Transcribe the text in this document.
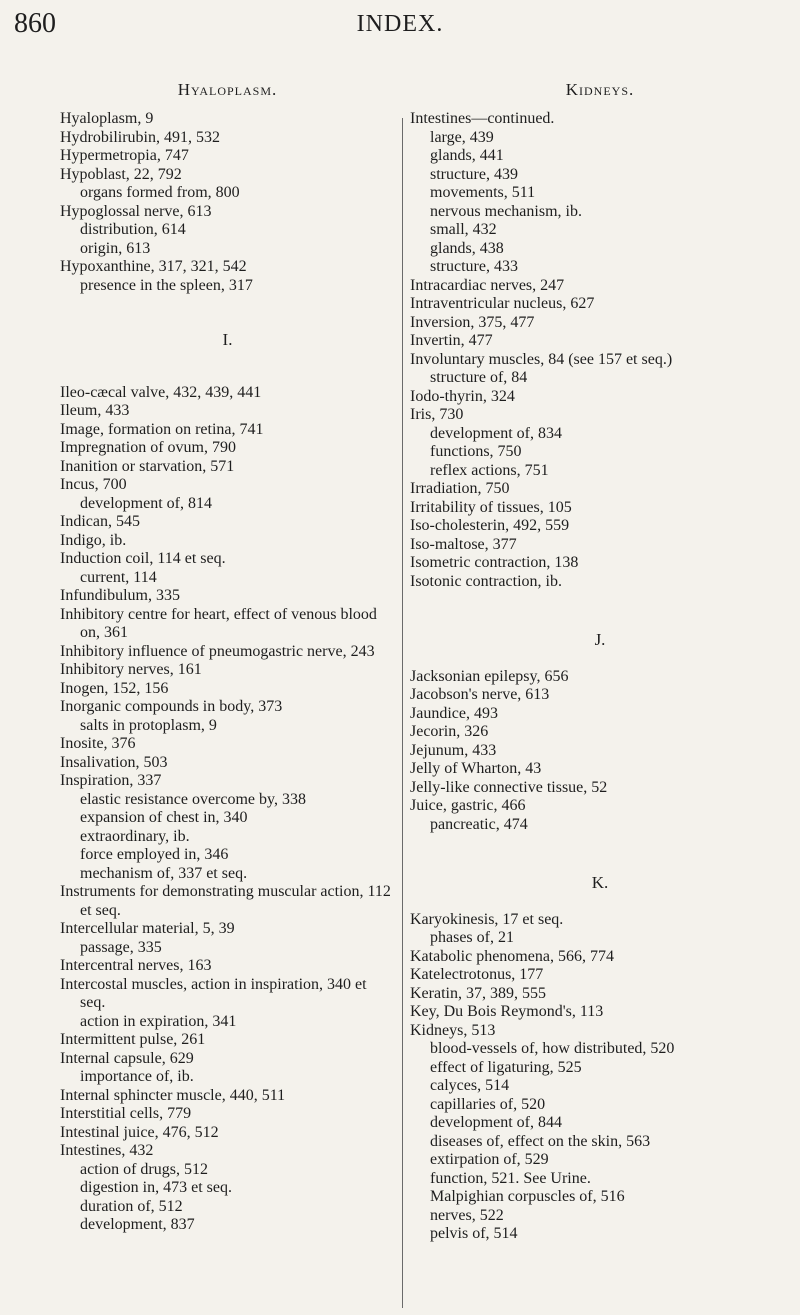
860	INDEX.
Hyaloplasm.
Hyaloplasm, 9
Hydrobilirubin, 491, 532
Hypermetropia, 747
Hypoblast, 22, 792
organs formed from, 800
Hypoglossal nerve, 613
distribution, 614
origin, 613
Hypoxanthine, 317, 321, 542
presence in the spleen, 317
I.
Ileo-cæcal valve, 432, 439, 441
Ileum, 433
Image, formation on retina, 741
Impregnation of ovum, 790
Inanition or starvation, 571
Incus, 700
development of, 814
Indican, 545
Indigo, ib.
Induction coil, 114 et seq.
current, 114
Infundibulum, 335
Inhibitory centre for heart, effect of venous blood on, 361
Inhibitory influence of pneumogastric nerve, 243
Inhibitory nerves, 161
Inogen, 152, 156
Inorganic compounds in body, 373
salts in protoplasm, 9
Inosite, 376
Insalivation, 503
Inspiration, 337
elastic resistance overcome by, 338
expansion of chest in, 340
extraordinary, ib.
force employed in, 346
mechanism of, 337 et seq.
Instruments for demonstrating muscular action, 112 et seq.
Intercellular material, 5, 39
passage, 335
Intercentral nerves, 163
Intercostal muscles, action in inspiration, 340 et seq.
action in expiration, 341
Intermittent pulse, 261
Internal capsule, 629
importance of, ib.
Internal sphincter muscle, 440, 511
Interstitial cells, 779
Intestinal juice, 476, 512
Intestines, 432
action of drugs, 512
digestion in, 473 et seq.
duration of, 512
development, 837
Kidneys.
Intestines—continued.
large, 439
glands, 441
structure, 439
movements, 511
nervous mechanism, ib.
small, 432
glands, 438
structure, 433
Intracardiac nerves, 247
Intraventricular nucleus, 627
Inversion, 375, 477
Invertin, 477
Involuntary muscles, 84 (see 157 et seq.)
structure of, 84
Iodo-thyrin, 324
Iris, 730
development of, 834
functions, 750
reflex actions, 751
Irradiation, 750
Irritability of tissues, 105
Iso-cholesterin, 492, 559
Iso-maltose, 377
Isometric contraction, 138
Isotonic contraction, ib.
J.
Jacksonian epilepsy, 656
Jacobson's nerve, 613
Jaundice, 493
Jecorin, 326
Jejunum, 433
Jelly of Wharton, 43
Jelly-like connective tissue, 52
Juice, gastric, 466
pancreatic, 474
K.
Karyokinesis, 17 et seq.
phases of, 21
Katabolic phenomena, 566, 774
Katelectrotonus, 177
Keratin, 37, 389, 555
Key, Du Bois Reymond's, 113
Kidneys, 513
blood-vessels of, how distributed, 520
effect of ligaturing, 525
calyces, 514
capillaries of, 520
development of, 844
diseases of, effect on the skin, 563
extirpation of, 529
function, 521. See Urine.
Malpighian corpuscles of, 516
nerves, 522
pelvis of, 514
